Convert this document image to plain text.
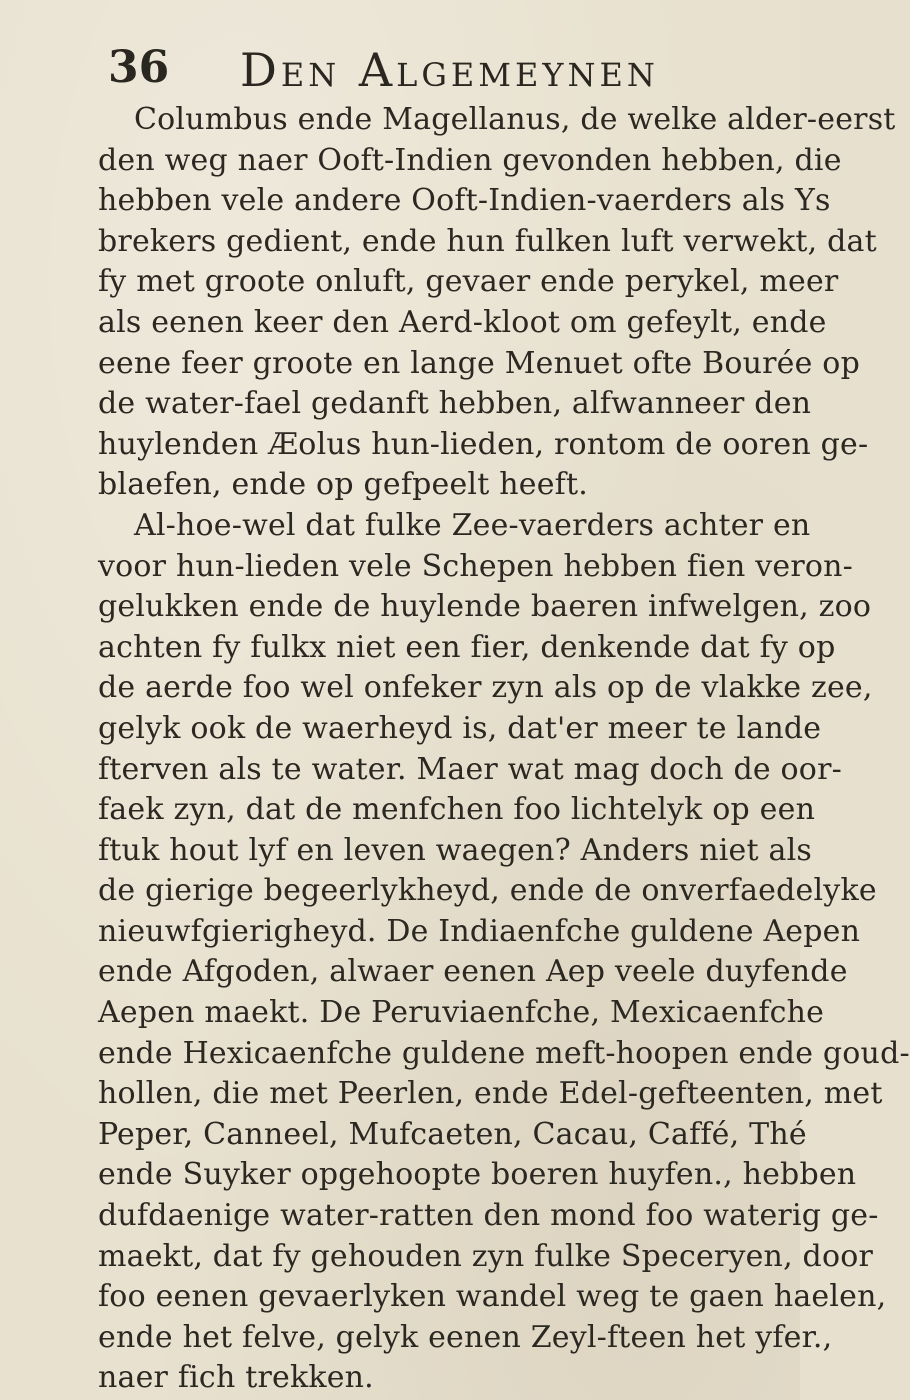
36 Den Algemeynen
Columbus ende Magellanus, de welke alder-eerst
den weg naer Ooft-Indien gevonden hebben, die
hebben vele andere Ooft-Indien-vaerders als Ys
brekers gedient, ende hun fulken luft verwekt, dat
fy met groote onluft, gevaer ende perykel, meer
als eenen keer den Aerd-kloot om gefeylt, ende
eene feer groote en lange Menuet ofte Bourée op
de water-fael gedanft hebben, alfwanneer den
huylenden Æolus hun-lieden, rontom de ooren ge-
blaefen, ende op gefpeelt heeft.
Al-hoe-wel dat fulke Zee-vaerders achter en
voor hun-lieden vele Schepen hebben fien veron-
gelukken ende de huylende baeren infwelgen, zoo
achten fy fulkx niet een fier, denkende dat fy op
de aerde foo wel onfeker zyn als op de vlakke zee,
gelyk ook de waerheyd is, dat'er meer te lande
fterven als te water. Maer wat mag doch de oor-
faek zyn, dat de menfchen foo lichtelyk op een
ftuk hout lyf en leven waegen? Anders niet als
de gierige begeerlykheyd, ende de onverfaedelyke
nieuwfgierigheyd. De Indiaenfche guldene Aepen
ende Afgoden, alwaer eenen Aep veele duyfende
Aepen maekt. De Peruviaenfche, Mexicaenfche
ende Hexicaenfche guldene meft-hoopen ende goud-
hollen, die met Peerlen, ende Edel-gefteenten, met
Peper, Canneel, Mufcaeten, Cacau, Caffé, Thé
ende Suyker opgehoopte boeren huyfen., hebben
dufdaenige water-ratten den mond foo waterig ge-
maekt, dat fy gehouden zyn fulke Speceryen, door
foo eenen gevaerlyken wandel weg te gaen haelen,
ende het felve, gelyk eenen Zeyl-fteen het yfer.,
naer fich trekken.
